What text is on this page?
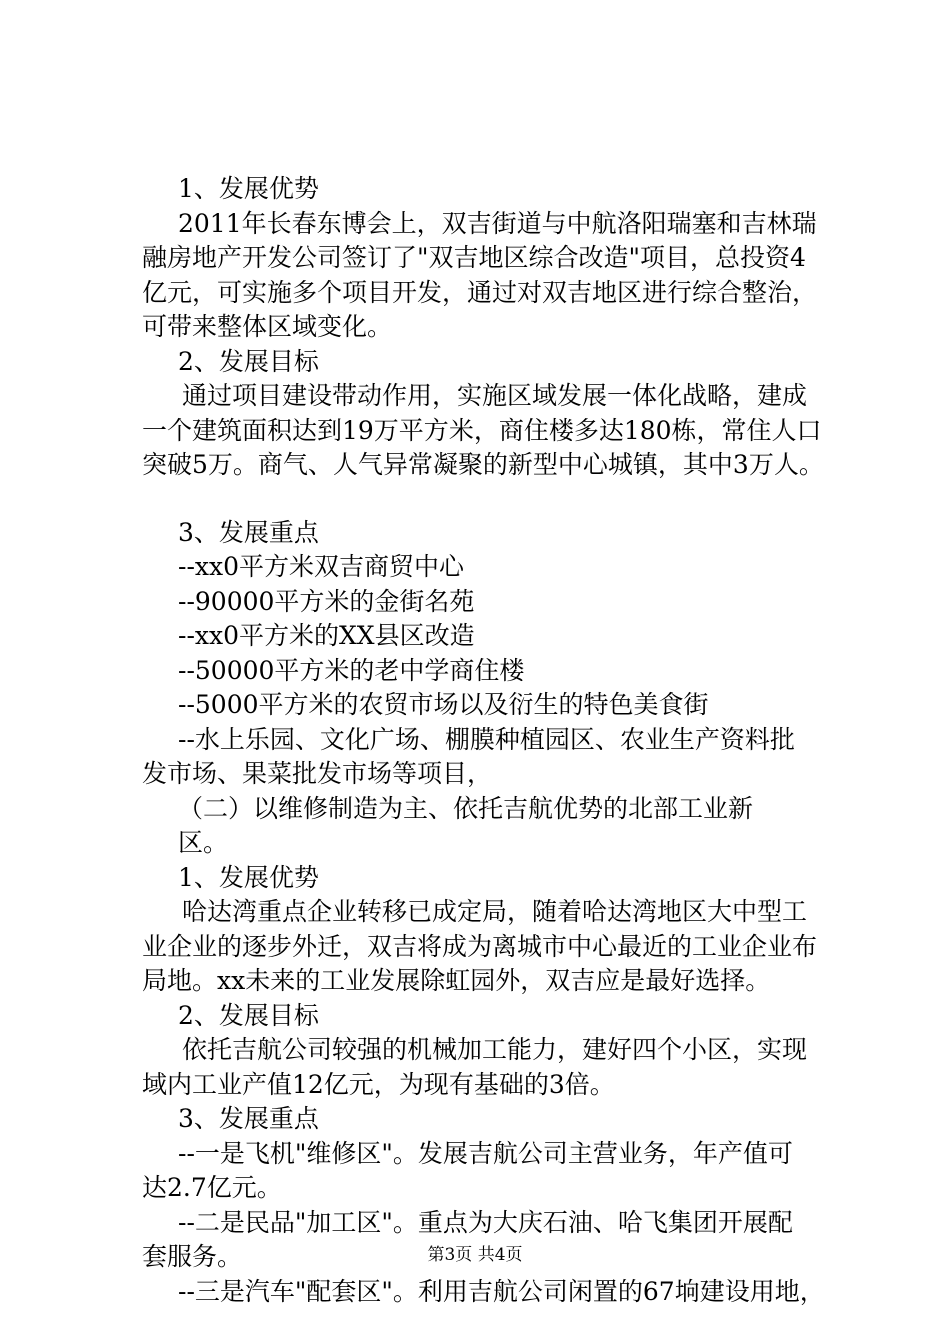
1、发展优势
2011年长春东博会上，双吉街道与中航洛阳瑞塞和吉林瑞
融房地产开发公司签订了"双吉地区综合改造"项目，总投资4
亿元，可实施多个项目开发，通过对双吉地区进行综合整治，
可带来整体区域变化。
2、发展目标
通过项目建设带动作用，实施区域发展一体化战略，建成
一个建筑面积达到19万平方米，商住楼多达180栋，常住人口
突破5万。商气、人气异常凝聚的新型中心城镇，其中3万人。
3、发展重点
--xx0平方米双吉商贸中心
--90000平方米的金街名苑
--xx0平方米的XX县区改造
--50000平方米的老中学商住楼
--5000平方米的农贸市场以及衍生的特色美食街
--水上乐园、文化广场、棚膜种植园区、农业生产资料批
发市场、果菜批发市场等项目，
（二）以维修制造为主、依托吉航优势的北部工业新
区。
1、发展优势
哈达湾重点企业转移已成定局，随着哈达湾地区大中型工
业企业的逐步外迁，双吉将成为离城市中心最近的工业企业布
局地。xx未来的工业发展除虹园外，双吉应是最好选择。
2、发展目标
依托吉航公司较强的机械加工能力，建好四个小区，实现
域内工业产值12亿元，为现有基础的3倍。
3、发展重点
--一是飞机"维修区"。发展吉航公司主营业务，年产值可
达2.7亿元。
--二是民品"加工区"。重点为大庆石油、哈飞集团开展配
套服务。
--三是汽车"配套区"。利用吉航公司闲置的67垧建设用地，
第3页 共4页
